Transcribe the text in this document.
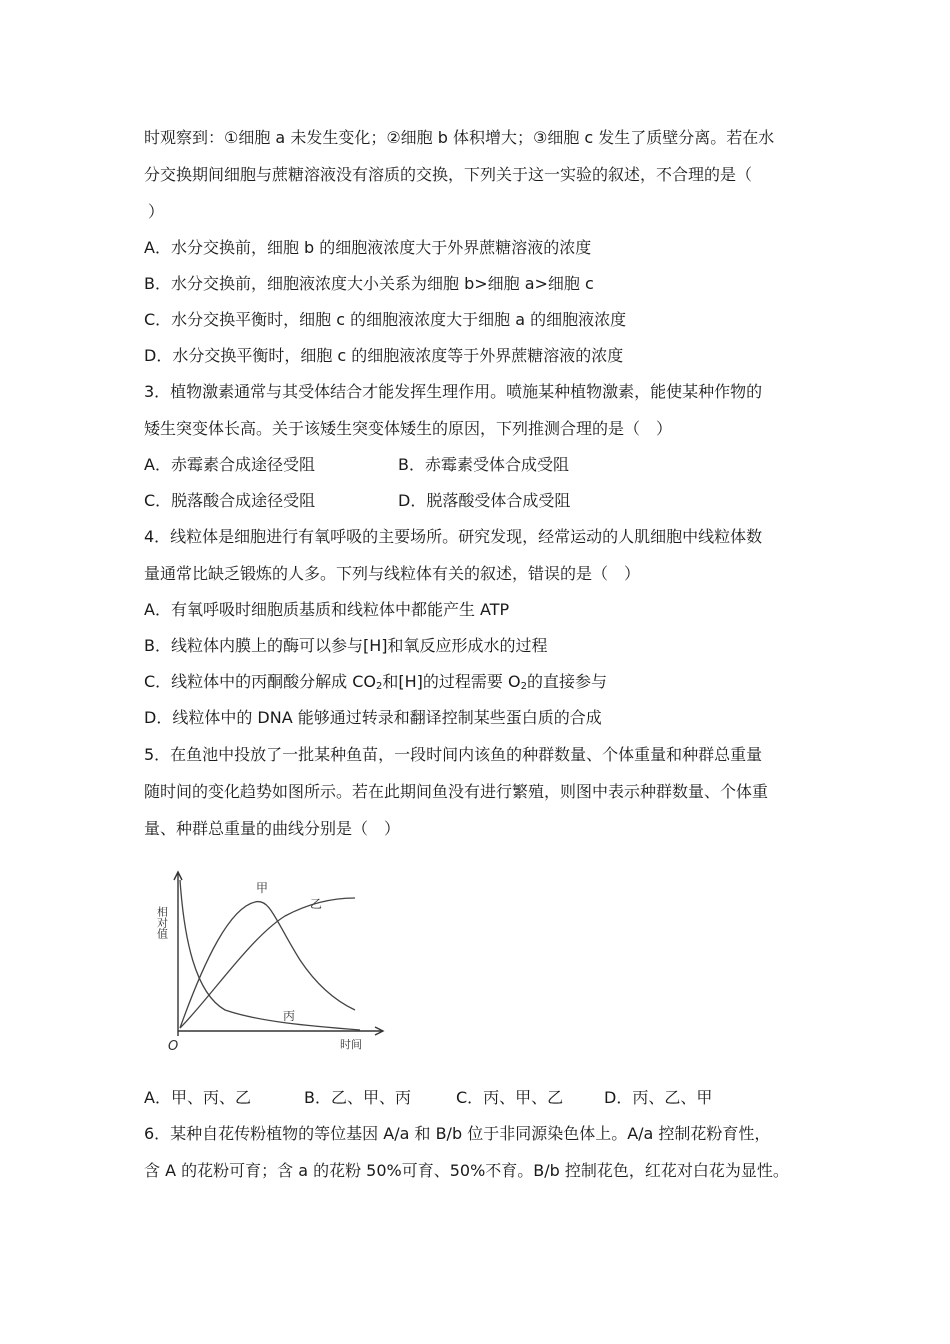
时观察到：①细胞 a 未发生变化；②细胞 b 体积增大；③细胞 c 发生了质壁分离。若在水
分交换期间细胞与蔗糖溶液没有溶质的交换，下列关于这一实验的叙述，不合理的是（
）
A．水分交换前，细胞 b 的细胞液浓度大于外界蔗糖溶液的浓度
B．水分交换前，细胞液浓度大小关系为细胞 b>细胞 a>细胞 c
C．水分交换平衡时，细胞 c 的细胞液浓度大于细胞 a 的细胞液浓度
D．水分交换平衡时，细胞 c 的细胞液浓度等于外界蔗糖溶液的浓度
3．植物激素通常与其受体结合才能发挥生理作用。喷施某种植物激素，能使某种作物的
矮生突变体长高。关于该矮生突变体矮生的原因，下列推测合理的是（　）
A．赤霉素合成途径受阻	B．赤霉素受体合成受阻
C．脱落酸合成途径受阻	D．脱落酸受体合成受阻
4．线粒体是细胞进行有氧呼吸的主要场所。研究发现，经常运动的人肌细胞中线粒体数
量通常比缺乏锻炼的人多。下列与线粒体有关的叙述，错误的是（　）
A．有氧呼吸时细胞质基质和线粒体中都能产生 ATP
B．线粒体内膜上的酶可以参与[H]和氧反应形成水的过程
C．线粒体中的丙酮酸分解成 $CO_2$和[H]的过程需要 $O_2$的直接参与
D．线粒体中的 DNA 能够通过转录和翻译控制某些蛋白质的合成
5．在鱼池中投放了一批某种鱼苗，一段时间内该鱼的种群数量、个体重量和种群总重量
随时间的变化趋势如图所示。若在此期间鱼没有进行繁殖，则图中表示种群数量、个体重
量、种群总重量的曲线分别是（　）
相对值
时间
O
甲
乙
丙
A．甲、丙、乙	B．乙、甲、丙	C．丙、甲、乙	D．丙、乙、甲
6．某种自花传粉植物的等位基因 A/a 和 B/b 位于非同源染色体上。A/a 控制花粉育性，
含 A 的花粉可育；含 a 的花粉 50%可育、50%不育。B/b 控制花色，红花对白花为显性。
